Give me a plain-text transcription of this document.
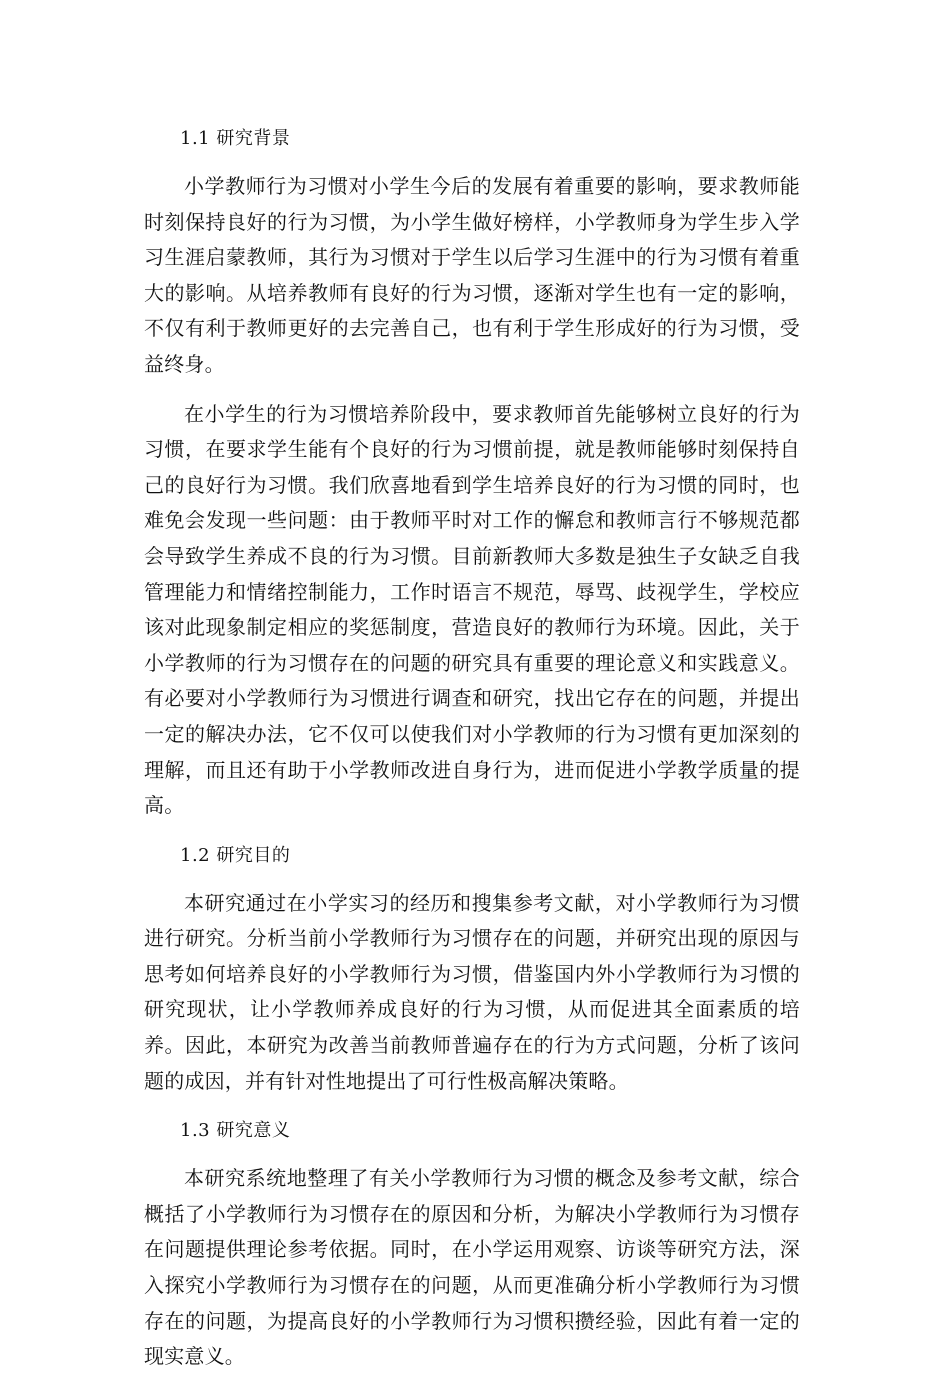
1.1 研究背景

小学教师行为习惯对小学生今后的发展有着重要的影响，要求教师能时刻保持良好的行为习惯，为小学生做好榜样，小学教师身为学生步入学习生涯启蒙教师，其行为习惯对于学生以后学习生涯中的行为习惯有着重大的影响。从培养教师有良好的行为习惯，逐渐对学生也有一定的影响，不仅有利于教师更好的去完善自己，也有利于学生形成好的行为习惯，受益终身。

在小学生的行为习惯培养阶段中，要求教师首先能够树立良好的行为习惯，在要求学生能有个良好的行为习惯前提，就是教师能够时刻保持自己的良好行为习惯。我们欣喜地看到学生培养良好的行为习惯的同时，也难免会发现一些问题：由于教师平时对工作的懈怠和教师言行不够规范都会导致学生养成不良的行为习惯。目前新教师大多数是独生子女缺乏自我管理能力和情绪控制能力，工作时语言不规范，辱骂、歧视学生，学校应该对此现象制定相应的奖惩制度，营造良好的教师行为环境。因此，关于小学教师的行为习惯存在的问题的研究具有重要的理论意义和实践意义。有必要对小学教师行为习惯进行调查和研究，找出它存在的问题，并提出一定的解决办法，它不仅可以使我们对小学教师的行为习惯有更加深刻的理解，而且还有助于小学教师改进自身行为，进而促进小学教学质量的提高。

1.2 研究目的

本研究通过在小学实习的经历和搜集参考文献，对小学教师行为习惯进行研究。分析当前小学教师行为习惯存在的问题，并研究出现的原因与思考如何培养良好的小学教师行为习惯，借鉴国内外小学教师行为习惯的研究现状，让小学教师养成良好的行为习惯，从而促进其全面素质的培养。因此，本研究为改善当前教师普遍存在的行为方式问题，分析了该问题的成因，并有针对性地提出了可行性极高解决策略。

1.3 研究意义

本研究系统地整理了有关小学教师行为习惯的概念及参考文献，综合概括了小学教师行为习惯存在的原因和分析，为解决小学教师行为习惯存在问题提供理论参考依据。同时，在小学运用观察、访谈等研究方法，深入探究小学教师行为习惯存在的问题，从而更准确分析小学教师行为习惯存在的问题，为提高良好的小学教师行为习惯积攒经验，因此有着一定的现实意义。
